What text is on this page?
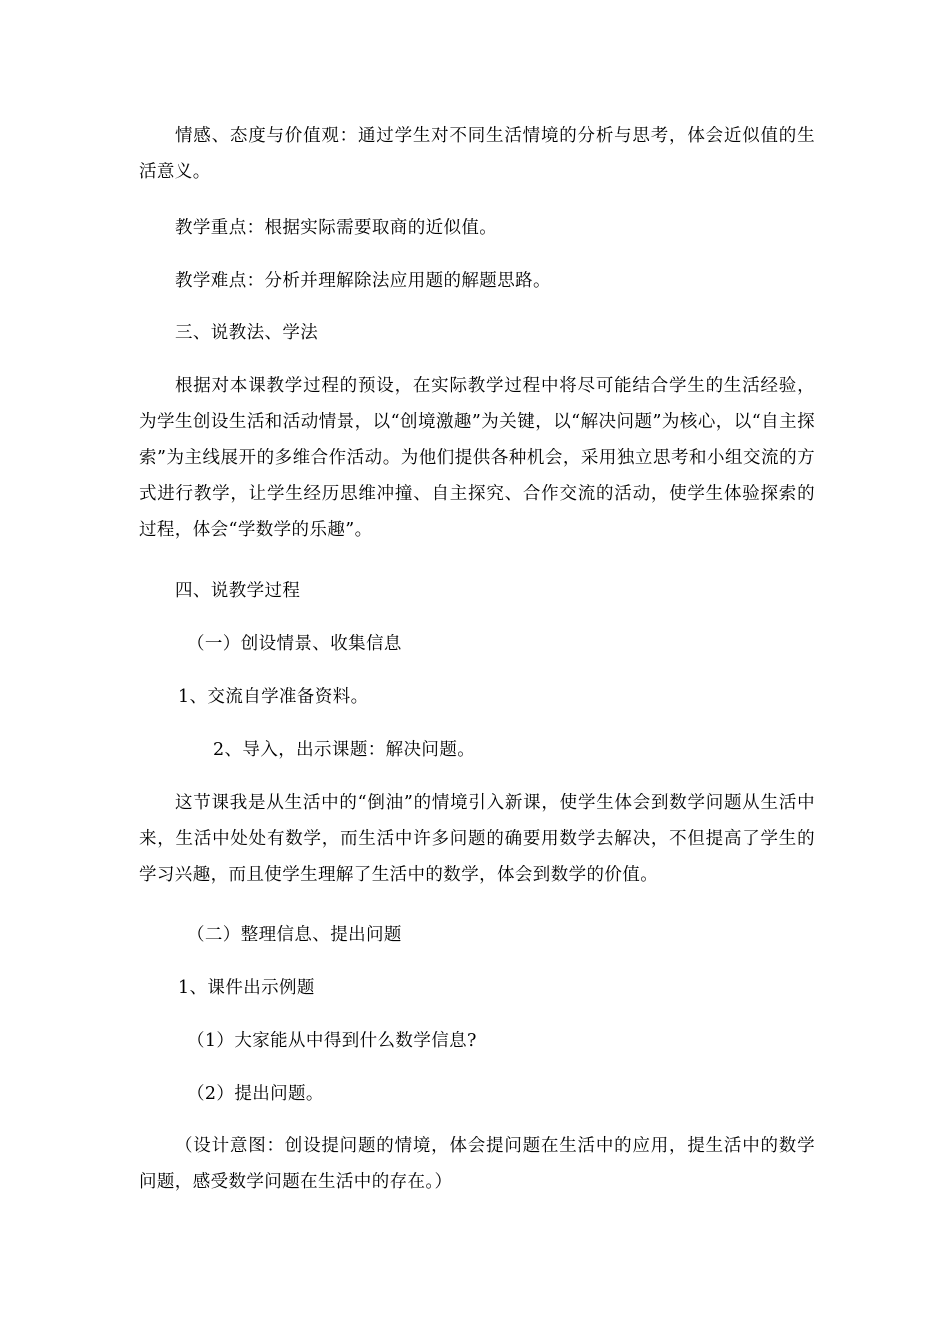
情感、态度与价值观：通过学生对不同生活情境的分析与思考，体会近似值的生活意义。

教学重点：根据实际需要取商的近似值。

教学难点：分析并理解除法应用题的解题思路。

三、说教法、学法

根据对本课教学过程的预设，在实际教学过程中将尽可能结合学生的生活经验，为学生创设生活和活动情景，以“创境激趣”为关键，以“解决问题”为核心，以“自主探索”为主线展开的多维合作活动。为他们提供各种机会，采用独立思考和小组交流的方式进行教学，让学生经历思维冲撞、自主探究、合作交流的活动，使学生体验探索的过程，体会“学数学的乐趣”。

四、说教学过程

（一）创设情景、收集信息

1、交流自学准备资料。

2、导入，出示课题：解决问题。

这节课我是从生活中的“倒油”的情境引入新课，使学生体会到数学问题从生活中来，生活中处处有数学，而生活中许多问题的确要用数学去解决，不但提高了学生的学习兴趣，而且使学生理解了生活中的数学，体会到数学的价值。

（二）整理信息、提出问题

1、课件出示例题

（1）大家能从中得到什么数学信息?

（2）提出问题。

（设计意图：创设提问题的情境，体会提问题在生活中的应用，提生活中的数学问题，感受数学问题在生活中的存在。）
